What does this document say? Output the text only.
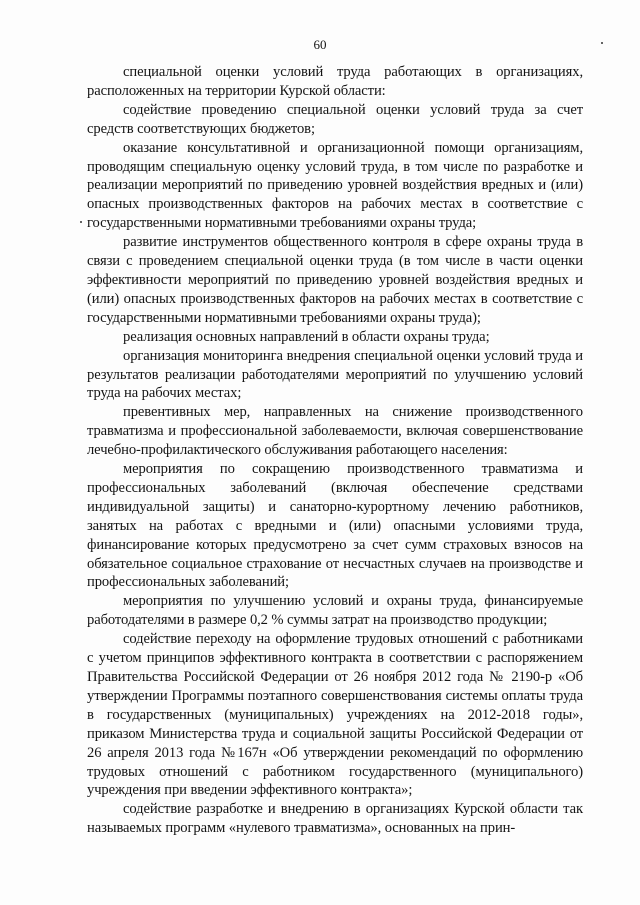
60

специальной оценки условий труда работающих в организациях, расположенных на территории Курской области:

содействие проведению специальной оценки условий труда за счет средств соответствующих бюджетов;

оказание консультативной и организационной помощи организациям, проводящим специальную оценку условий труда, в том числе по разработке и реализации мероприятий по приведению уровней воздействия вредных и (или) опасных производственных факторов на рабочих местах в соответствие с государственными нормативными требованиями охраны труда;

развитие инструментов общественного контроля в сфере охраны труда в связи с проведением специальной оценки труда (в том числе в части оценки эффективности мероприятий по приведению уровней воздействия вредных и (или) опасных производственных факторов на рабочих местах в соответствие с государственными нормативными требованиями охраны труда);

реализация основных направлений в области охраны труда;

организация мониторинга внедрения специальной оценки условий труда и результатов реализации работодателями мероприятий по улучшению условий труда на рабочих местах;

превентивных мер, направленных на снижение производственного травматизма и профессиональной заболеваемости, включая совершенствование лечебно-профилактического обслуживания работающего населения:

мероприятия по сокращению производственного травматизма и профессиональных заболеваний (включая обеспечение средствами индивидуальной защиты) и санаторно-курортному лечению работников, занятых на работах с вредными и (или) опасными условиями труда, финансирование которых предусмотрено за счет сумм страховых взносов на обязательное социальное страхование от несчастных случаев на производстве и профессиональных заболеваний;

мероприятия по улучшению условий и охраны труда, финансируемые работодателями в размере 0,2 % суммы затрат на производство продукции;

содействие переходу на оформление трудовых отношений с работниками с учетом принципов эффективного контракта в соответствии с распоряжением Правительства Российской Федерации от 26 ноября 2012 года № 2190-р «Об утверждении Программы поэтапного совершенствования системы оплаты труда в государственных (муниципальных) учреждениях на 2012-2018 годы», приказом Министерства труда и социальной защиты Российской Федерации от 26 апреля 2013 года №167н «Об утверждении рекомендаций по оформлению трудовых отношений с работником государственного (муниципального) учреждения при введении эффективного контракта»;

содействие разработке и внедрению в организациях Курской области так называемых программ «нулевого травматизма», основанных на прин-
